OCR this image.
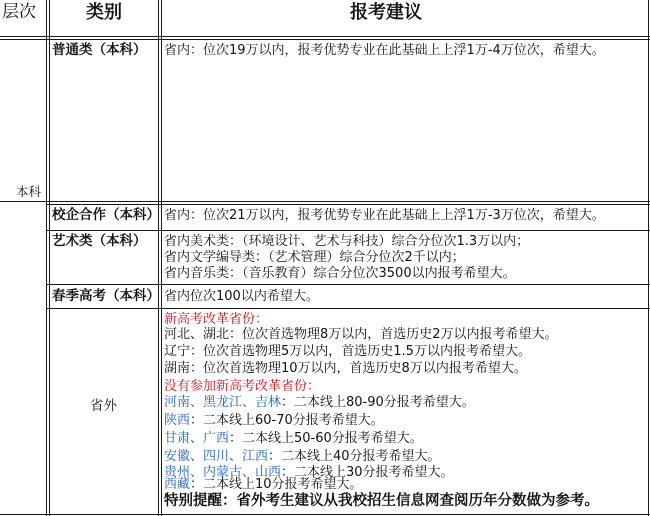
层次	类别	报考建议
本科
普通类（本科） 省内：位次19万以内，报考优势专业在此基础上上浮1万-4万位次，希望大。
校企合作（本科） 省内：位次21万以内，报考优势专业在此基础上上浮1万-3万位次，希望大。
艺术类（本科） 省内美术类：（环境设计、艺术与科技）综合分位次1.3万以内；
省内文学编导类：（艺术管理）综合分位次2千以内；
省内音乐类：（音乐教育）综合分位次3500以内报考希望大。
春季高考（本科） 省内位次100以内希望大。
省外
新高考改革省份：
河北、湖北：位次首选物理8万以内，首选历史2万以内报考希望大。
辽宁：位次首选物理5万以内，首选历史1.5万以内报考希望大。
湖南：位次首选物理10万以内，首选历史8万以内报考希望大。
没有参加新高考改革省份：
河南、黑龙江、吉林：二本线上80-90分报考希望大。
陕西：二本线上60-70分报考希望大。
甘肃、广西：二本线上50-60分报考希望大。
安徽、四川、江西：二本线上40分报考希望大。
贵州、内蒙古、山西：二本线上30分报考希望大。
西藏：二本线上10分报考希望大。
特别提醒：省外考生建议从我校招生信息网查阅历年分数做为参考。
